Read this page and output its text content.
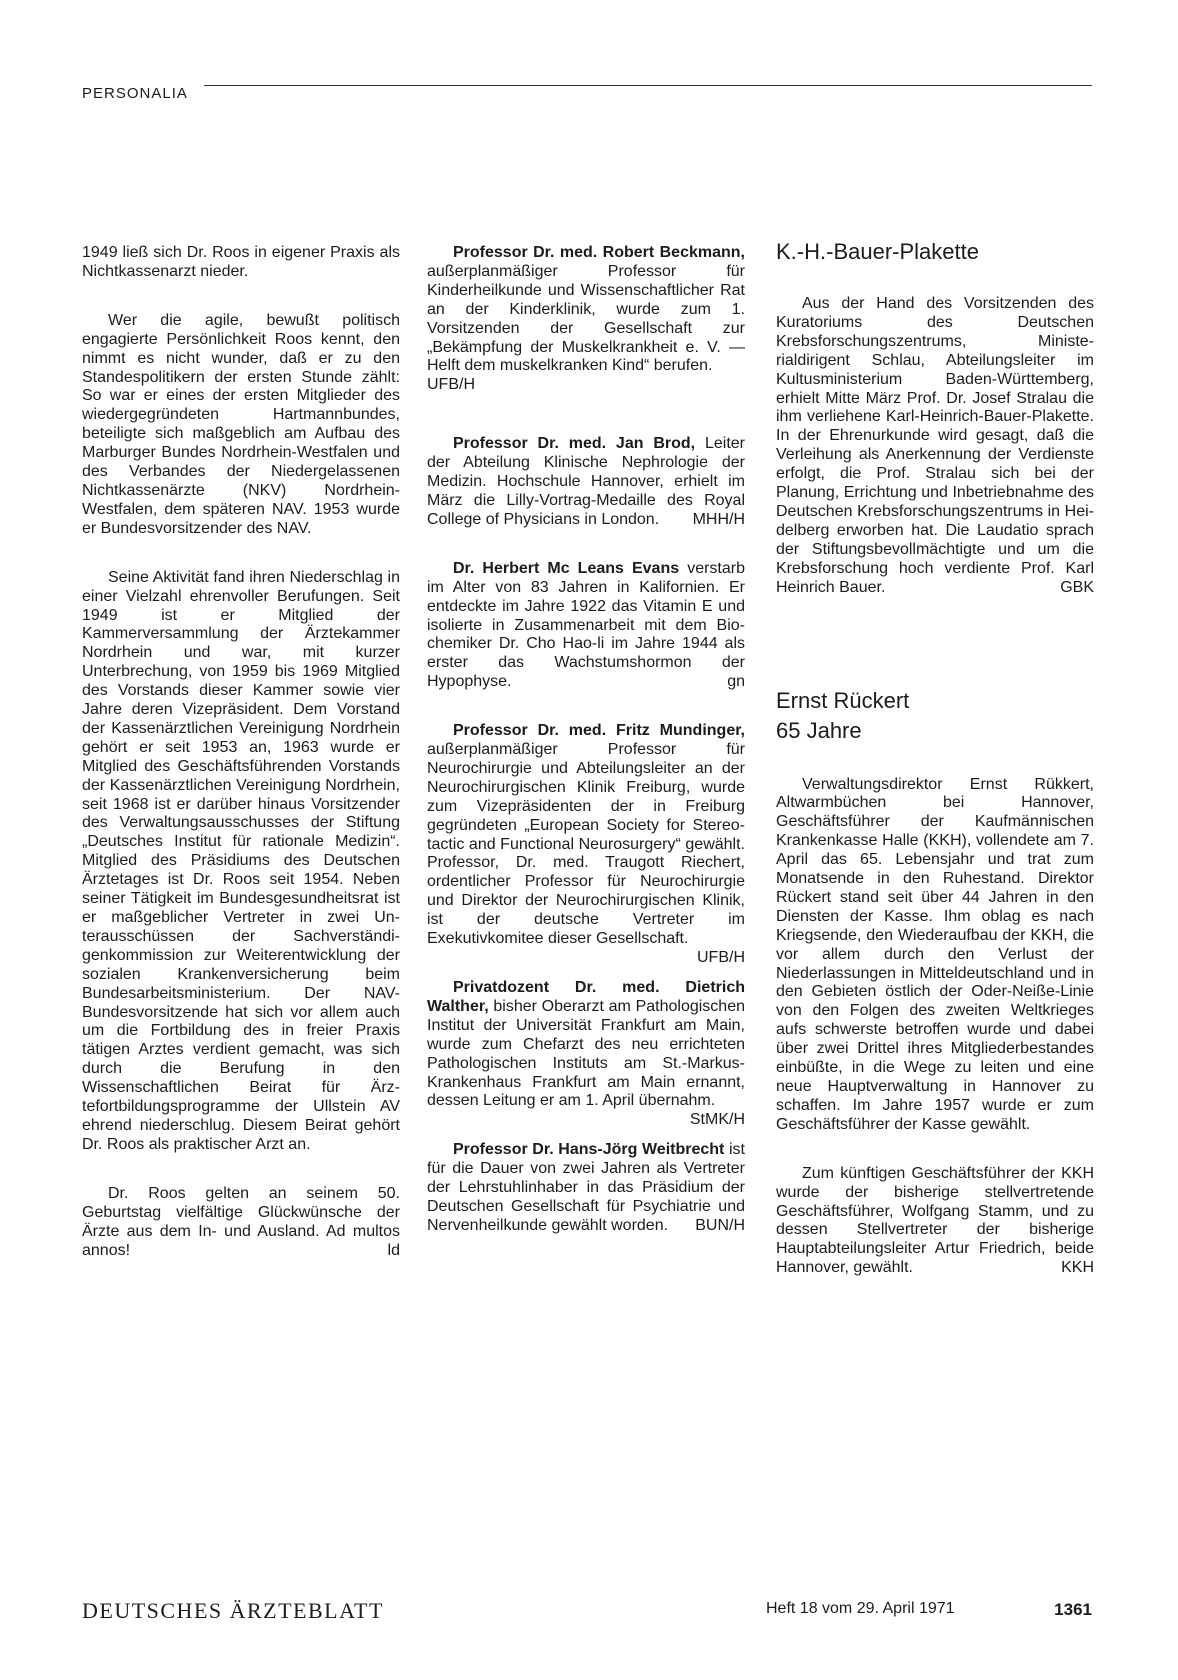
PERSONALIA

1949 ließ sich Dr. Roos in eigener Praxis als Nichtkassenarzt nieder.

Wer die agile, bewußt politisch engagierte Persönlichkeit Roos kennt, den nimmt es nicht wunder, daß er zu den Standespolitikern der ersten Stunde zählt: So war er eines der ersten Mitglieder des wiedergegründeten Hartmannbundes, beteiligte sich maßgeblich am Aufbau des Marburger Bundes Nordrhein-Westfalen und des Verbandes der Niedergelassenen Nichtkassenärzte (NKV) Nordrhein-Westfalen, dem späteren NAV. 1953 wurde er Bundesvorsitzender des NAV.

Seine Aktivität fand ihren Niederschlag in einer Vielzahl ehrenvoller Berufungen. Seit 1949 ist er Mitglied der Kammerversammlung der Ärztekammer Nordrhein und war, mit kurzer Unterbrechung, von 1959 bis 1969 Mitglied des Vorstands dieser Kammer sowie vier Jahre deren Vizepräsident. Dem Vorstand der Kassenärztlichen Vereinigung Nordrhein gehört er seit 1953 an, 1963 wurde er Mitglied des Geschäftsführenden Vorstands der Kassenärztlichen Vereinigung Nordrhein, seit 1968 ist er darüber hinaus Vorsitzender des Verwaltungsausschusses der Stiftung „Deutsches Institut für rationale Medizin“. Mitglied des Präsidiums des Deutschen Ärztetages ist Dr. Roos seit 1954. Neben seiner Tätigkeit im Bundesgesundheitsrat ist er maßgeblicher Vertreter in zwei Unterausschüssen der Sachverständigenkommission zur Weiterentwicklung der sozialen Krankenversicherung beim Bundesarbeitsministerium. Der NAV-Bundesvorsitzende hat sich vor allem auch um die Fortbildung des in freier Praxis tätigen Arztes verdient gemacht, was sich durch die Berufung in den Wissenschaftlichen Beirat für Ärztefortbildungsprogramme der Ullstein AV ehrend niederschlug. Diesem Beirat gehört Dr. Roos als praktischer Arzt an.

Dr. Roos gelten an seinem 50. Geburtstag vielfältige Glückwünsche der Ärzte aus dem In- und Ausland. Ad multos annos!	ld

Professor Dr. med. Robert Beckmann, außerplanmäßiger Professor für Kinderheilkunde und Wissenschaftlicher Rat an der Kinderklinik, wurde zum 1. Vorsitzenden der Gesellschaft zur „Bekämpfung der Muskelkrankheit e. V. — Helft dem muskelkranken Kind“ berufen.

UFB/H

Professor Dr. med. Jan Brod, Leiter der Abteilung Klinische Nephrologie der Medizin. Hochschule Hannover, erhielt im März die Lilly-Vortrag-Medaille des Royal College of Physicians in London.	MHH/H

Dr. Herbert Mc Leans Evans verstarb im Alter von 83 Jahren in Kalifornien. Er entdeckte im Jahre 1922 das Vitamin E und isolierte in Zusammenarbeit mit dem Biochemiker Dr. Cho Hao-li im Jahre 1944 als erster das Wachstumshormon der Hypophyse.	gn

Professor Dr. med. Fritz Mundinger, außerplanmäßiger Professor für Neurochirurgie und Abteilungsleiter an der Neurochirurgischen Klinik Freiburg, wurde zum Vizepräsidenten der in Freiburg gegründeten „European Society for Stereotactic and Functional Neurosurgery“ gewählt. Professor, Dr. med. Traugott Riechert, ordentlicher Professor für Neurochirurgie und Direktor der Neurochirurgischen Klinik, ist der deutsche Vertreter im Exekutivkomitee dieser Gesellschaft.
UFB/H

Privatdozent Dr. med. Dietrich Walther, bisher Oberarzt am Pathologischen Institut der Universität Frankfurt am Main, wurde zum Chefarzt des neu errichteten Pathologischen Instituts am St.-Markus-Krankenhaus Frankfurt am Main ernannt, dessen Leitung er am 1. April übernahm.
StMK/H

Professor Dr. Hans-Jörg Weitbrecht ist für die Dauer von zwei Jahren als Vertreter der Lehrstuhlinhaber in das Präsidium der Deutschen Gesellschaft für Psychiatrie und Nervenheilkunde gewählt worden.	BUN/H

K.-H.-Bauer-Plakette

Aus der Hand des Vorsitzenden des Kuratoriums des Deutschen Krebsforschungszentrums, Ministerialdirigent Schlau, Abteilungsleiter im Kultusministerium Baden-Württemberg, erhielt Mitte März Prof. Dr. Josef Stralau die ihm verliehene Karl-Heinrich-Bauer-Plakette. In der Ehrenurkunde wird gesagt, daß die Verleihung als Anerkennung der Verdienste erfolgt, die Prof. Stralau sich bei der Planung, Errichtung und Inbetriebnahme des Deutschen Krebsforschungszentrums in Heidelberg erworben hat. Die Laudatio sprach der Stiftungsbevollmächtigte und um die Krebsforschung hoch verdiente Prof. Karl Heinrich Bauer.	GBK

Ernst Rückert
65 Jahre

Verwaltungsdirektor Ernst Rükkert, Altwarmbüchen bei Hannover, Geschäftsführer der Kaufmännischen Krankenkasse Halle (KKH), vollendete am 7. April das 65. Lebensjahr und trat zum Monatsende in den Ruhestand. Direktor Rückert stand seit über 44 Jahren in den Diensten der Kasse. Ihm oblag es nach Kriegsende, den Wiederaufbau der KKH, die vor allem durch den Verlust der Niederlassungen in Mitteldeutschland und in den Gebieten östlich der Oder-Neiße-Linie von den Folgen des zweiten Weltkrieges aufs schwerste betroffen wurde und dabei über zwei Drittel ihres Mitgliederbestandes einbüßte, in die Wege zu leiten und eine neue Hauptverwaltung in Hannover zu schaffen. Im Jahre 1957 wurde er zum Geschäftsführer der Kasse gewählt.

Zum künftigen Geschäftsführer der KKH wurde der bisherige stellvertretende Geschäftsführer, Wolfgang Stamm, und zu dessen Stellvertreter der bisherige Hauptabteilungsleiter Artur Friedrich, beide Hannover, gewählt.	KKH

DEUTSCHES ÄRZTEBLATT	Heft 18 vom 29. April 1971	1361
